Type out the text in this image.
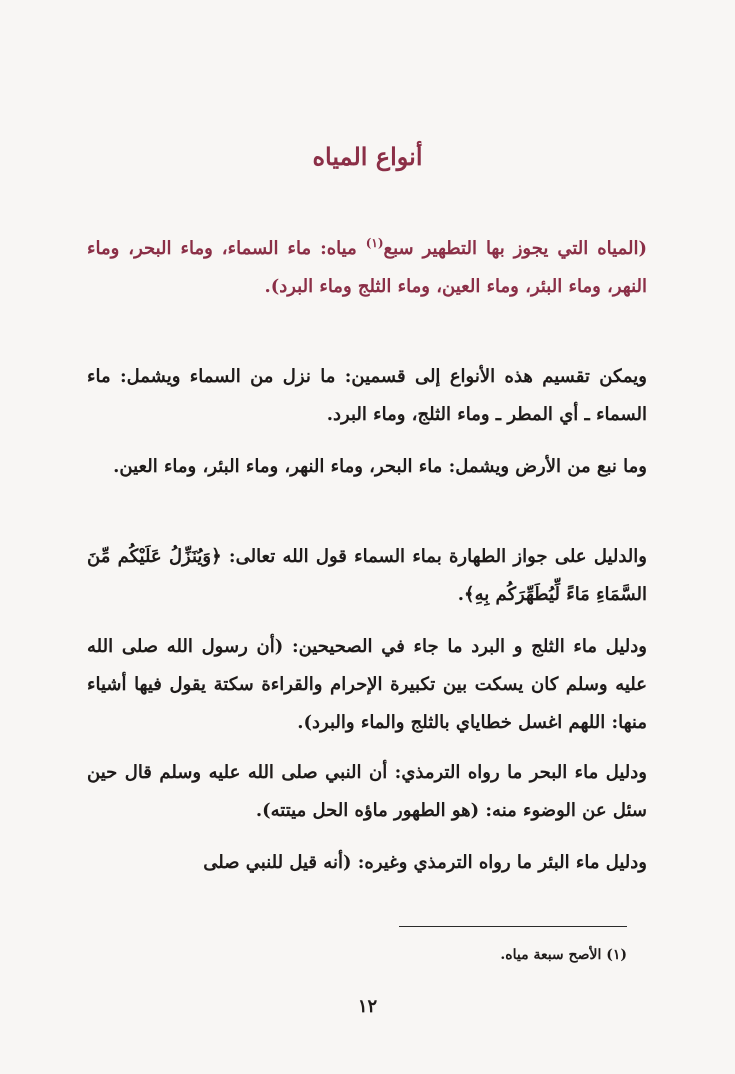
أنواع المياه
(المياه التي يجوز بها التطهير سبع$^{(١)}$ مياه: ماء السماء، وماء البحر، وماء النهر، وماء البئر، وماء العين، وماء الثلج وماء البرد).
ويمكن تقسيم هذه الأنواع إلى قسمين: ما نزل من السماء ويشمل: ماء السماء ـ أي المطر ـ وماء الثلج، وماء البرد.
وما نبع من الأرض ويشمل: ماء البحر، وماء النهر، وماء البئر، وماء العين.
والدليل على جواز الطهارة بماء السماء قول الله تعالى: ﴿وَيُنَزِّلُ عَلَيْكُم مِّنَ السَّمَاءِ مَاءً لِّيُطَهِّرَكُم بِهِ﴾.
ودليل ماء الثلج و البرد ما جاء في الصحيحين: (أن رسول الله صلى الله عليه وسلم كان يسكت بين تكبيرة الإحرام والقراءة سكتة يقول فيها أشياء منها: اللهم اغسل خطاياي بالثلج والماء والبرد).
ودليل ماء البحر ما رواه الترمذي: أن النبي صلى الله عليه وسلم قال حين سئل عن الوضوء منه: (هو الطهور ماؤه الحل ميتته).
ودليل ماء البئر ما رواه الترمذي وغيره: (أنه قيل للنبي صلى
(١) الأصح سبعة مياه.
١٢
